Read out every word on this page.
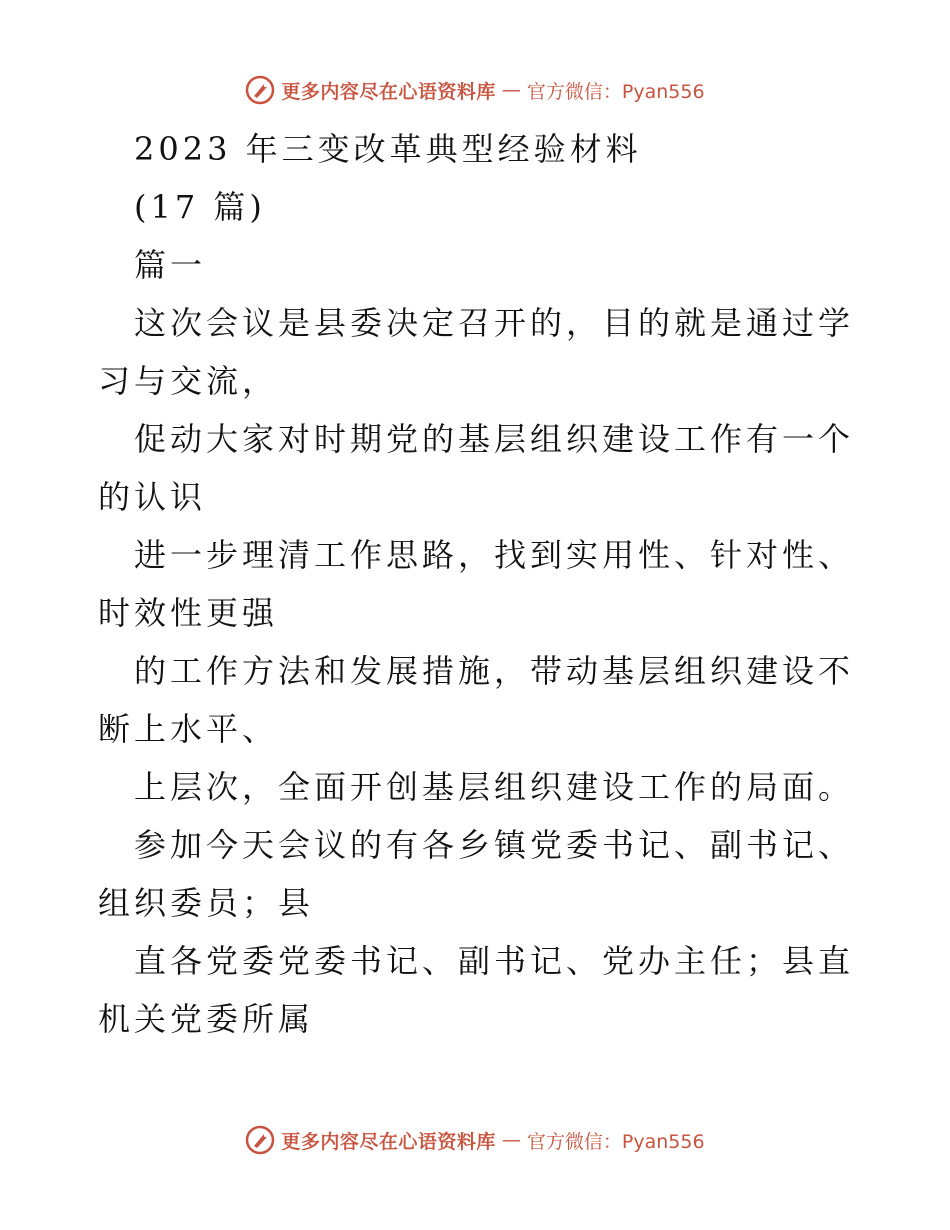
更多内容尽在心语资料库 — 官方微信：Pyan556

2023 年三变改革典型经验材料

(17 篇)

篇一

这次会议是县委决定召开的，目的就是通过学习与交流，

促动大家对时期党的基层组织建设工作有一个的认识

进一步理清工作思路，找到实用性、针对性、时效性更强

的工作方法和发展措施，带动基层组织建设不断上水平、

上层次，全面开创基层组织建设工作的局面。

参加今天会议的有各乡镇党委书记、副书记、组织委员；县

直各党委党委书记、副书记、党办主任；县直机关党委所属

更多内容尽在心语资料库 — 官方微信：Pyan556
